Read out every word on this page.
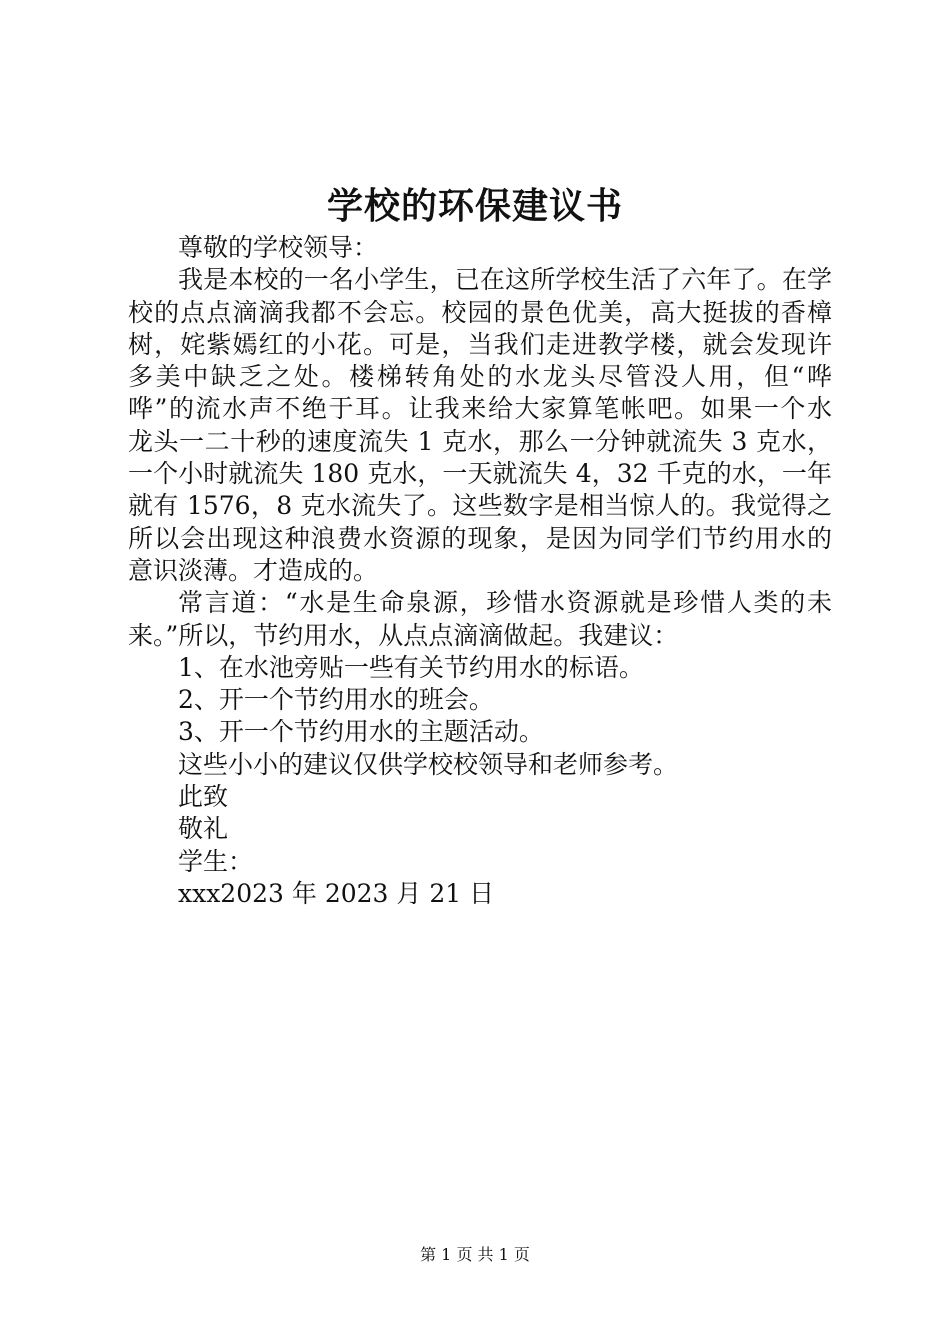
学校的环保建议书
尊敬的学校领导：
我是本校的一名小学生，已在这所学校生活了六年了。在学
校的点点滴滴我都不会忘。校园的景色优美，高大挺拔的香樟
树，姹紫嫣红的小花。可是，当我们走进教学楼，就会发现许
多美中缺乏之处。楼梯转角处的水龙头尽管没人用，但“哗
哗”的流水声不绝于耳。让我来给大家算笔帐吧。如果一个水
龙头一二十秒的速度流失 1 克水，那么一分钟就流失 3 克水，
一个小时就流失 180 克水，一天就流失 4，32 千克的水，一年
就有 1576，8 克水流失了。这些数字是相当惊人的。我觉得之
所以会出现这种浪费水资源的现象，是因为同学们节约用水的
意识淡薄。才造成的。
常言道：“水是生命泉源，珍惜水资源就是珍惜人类的未
来。”所以，节约用水，从点点滴滴做起。我建议：
1、在水池旁贴一些有关节约用水的标语。
2、开一个节约用水的班会。
3、开一个节约用水的主题活动。
这些小小的建议仅供学校校领导和老师参考。
此致
敬礼
学生：
xxx2023 年 2023 月 21 日
第 1 页 共 1 页
